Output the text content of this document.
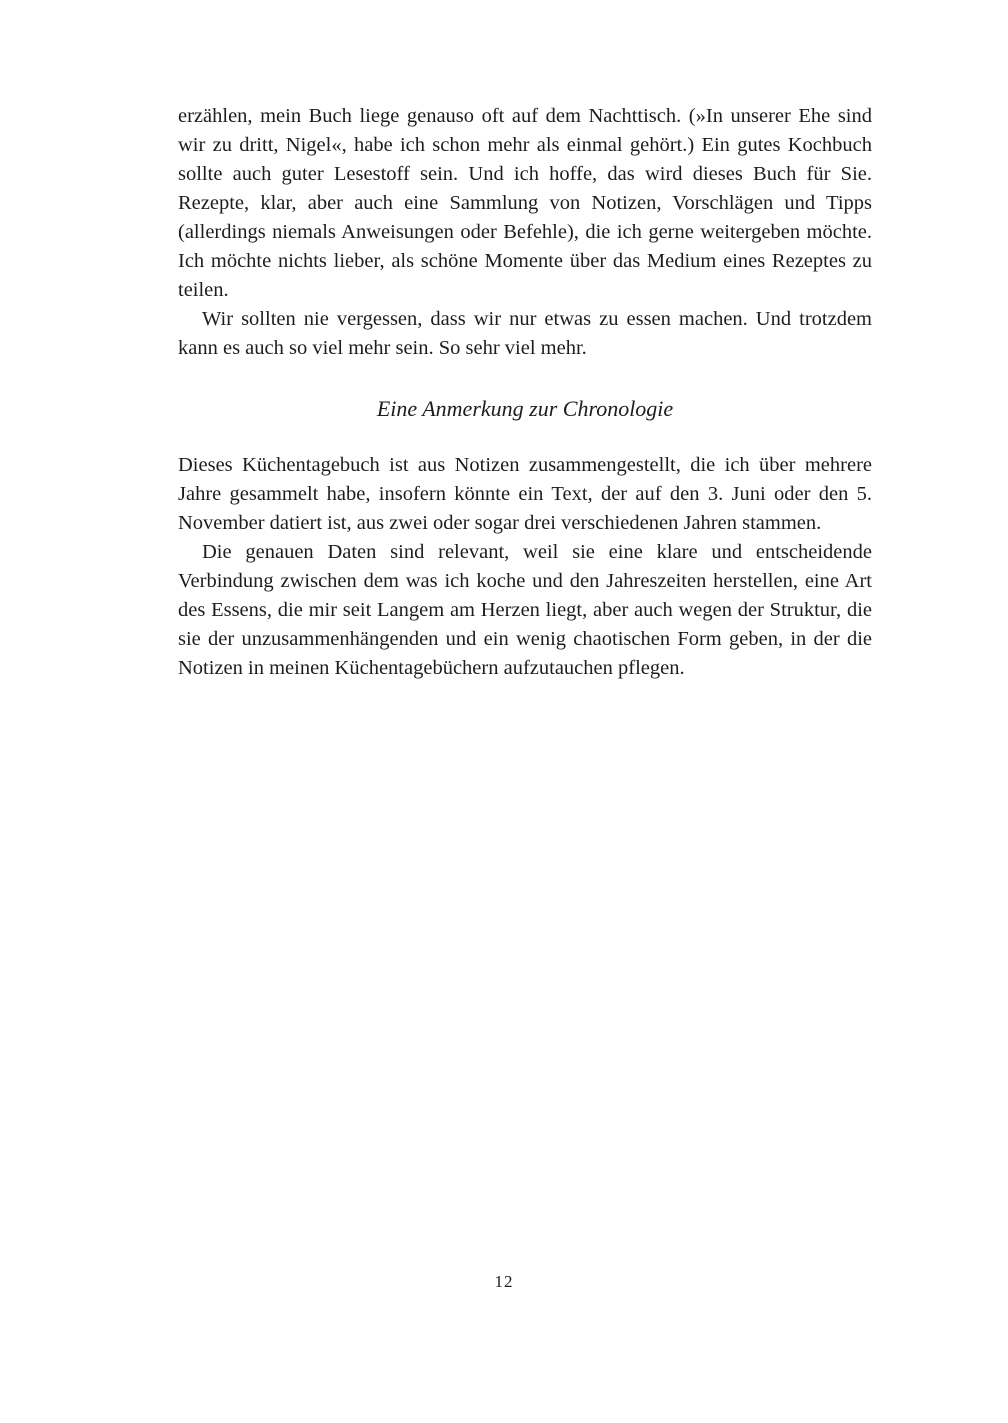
erzählen, mein Buch liege genauso oft auf dem Nachttisch. (»In unserer Ehe sind wir zu dritt, Nigel«, habe ich schon mehr als einmal gehört.) Ein gutes Kochbuch sollte auch guter Lesestoff sein. Und ich hoffe, das wird dieses Buch für Sie. Rezepte, klar, aber auch eine Sammlung von Notizen, Vorschlägen und Tipps (allerdings niemals Anweisungen oder Befehle), die ich gerne weitergeben möchte. Ich möchte nichts lieber, als schöne Momente über das Medium eines Rezeptes zu teilen.

Wir sollten nie vergessen, dass wir nur etwas zu essen machen. Und trotzdem kann es auch so viel mehr sein. So sehr viel mehr.

Eine Anmerkung zur Chronologie

Dieses Küchentagebuch ist aus Notizen zusammengestellt, die ich über mehrere Jahre gesammelt habe, insofern könnte ein Text, der auf den 3. Juni oder den 5. November datiert ist, aus zwei oder sogar drei verschiedenen Jahren stammen.

Die genauen Daten sind relevant, weil sie eine klare und entscheidende Verbindung zwischen dem was ich koche und den Jahreszeiten herstellen, eine Art des Essens, die mir seit Langem am Herzen liegt, aber auch wegen der Struktur, die sie der unzusammenhängenden und ein wenig chaotischen Form geben, in der die Notizen in meinen Küchentagebüchern aufzutauchen pflegen.

12
